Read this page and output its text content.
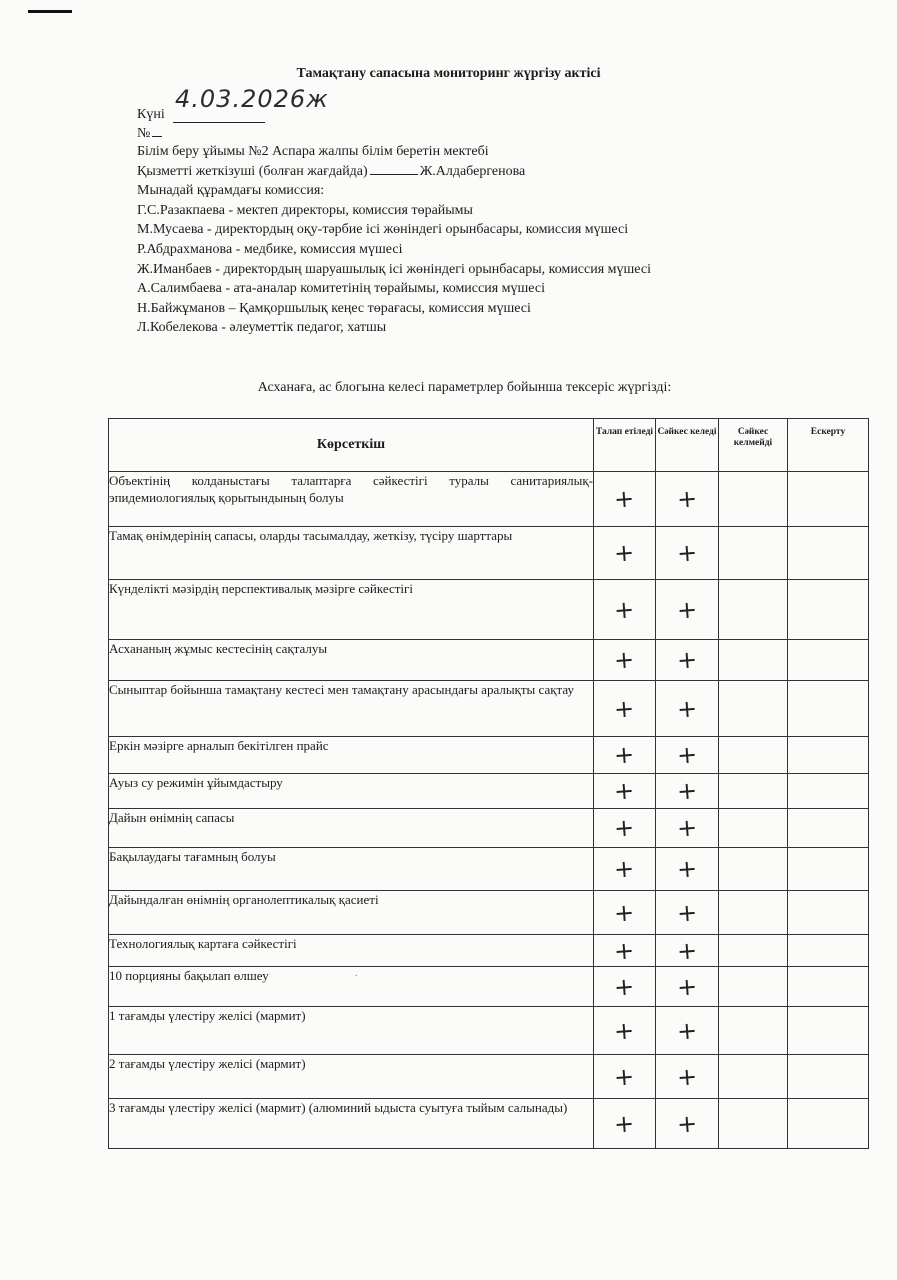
Тамақтану сапасына мониторинг жүргізу актісі
Күні
4.03.2026ж
№
Білім беру ұйымы №2 Аспара жалпы білім беретін мектебі
Қызметті жеткізуші (болған жағдайда)	Ж.Алдабергенова
Мынадай құрамдағы комиссия:
Г.С.Разакпаева - мектеп директоры, комиссия төрайымы
М.Мусаева - директордың оқу-тәрбие ісі жөніндегі орынбасары, комиссия мүшесі
Р.Абдрахманова - медбике, комиссия мүшесі
Ж.Иманбаев - директордың шаруашылық ісі жөніндегі орынбасары, комиссия мүшесі
А.Салимбаева - ата-аналар комитетінің төрайымы, комиссия мүшесі
Н.Байжұманов – Қамқоршылық кеңес төрағасы, комиссия мүшесі
Л.Кобелекова - әлеуметтік педагог, хатшы
Асханаға, ас блогына келесі параметрлер бойынша тексеріс жүргізді:
Көрсеткіш	Талап етіледі	Сәйкес келеді	Сәйкес келмейді	Ескерту
Объектінің колданыстағы талаптарға сәйкестігі туралы санитариялық-эпидемиологиялық қорытындының болуы	+	+		
Тамақ өнімдерінің сапасы, оларды тасымалдау, жеткізу, түсіру шарттары	+	+		
Күнделікті мәзірдің перспективалық мәзірге сәйкестігі	+	+		
Асхананың жұмыс кестесінің сақталуы	+	+		
Сыныптар бойынша тамақтану кестесі мен тамақтану арасындағы аралықты сақтау	+	+		
Еркін мәзірге арналып бекітілген прайс	+	+		
Ауыз су режимін ұйымдастыру	+	+		
Дайын өнімнің сапасы	+	+		
Бақылаудағы тағамның болуы	+	+		
Дайындалған өнімнің органолептикалық қасиеті	+	+		
Технологиялық картаға сәйкестігі	+	+		
10 порцияны бақылап өлшеу	+	+		
1 тағамды үлестіру желісі (мармит)	+	+		
2 тағамды үлестіру желісі (мармит)	+	+		
3 тағамды үлестіру желісі (мармит) (алюминий ыдыста суытуға тыйым салынады)	+	+		
.
